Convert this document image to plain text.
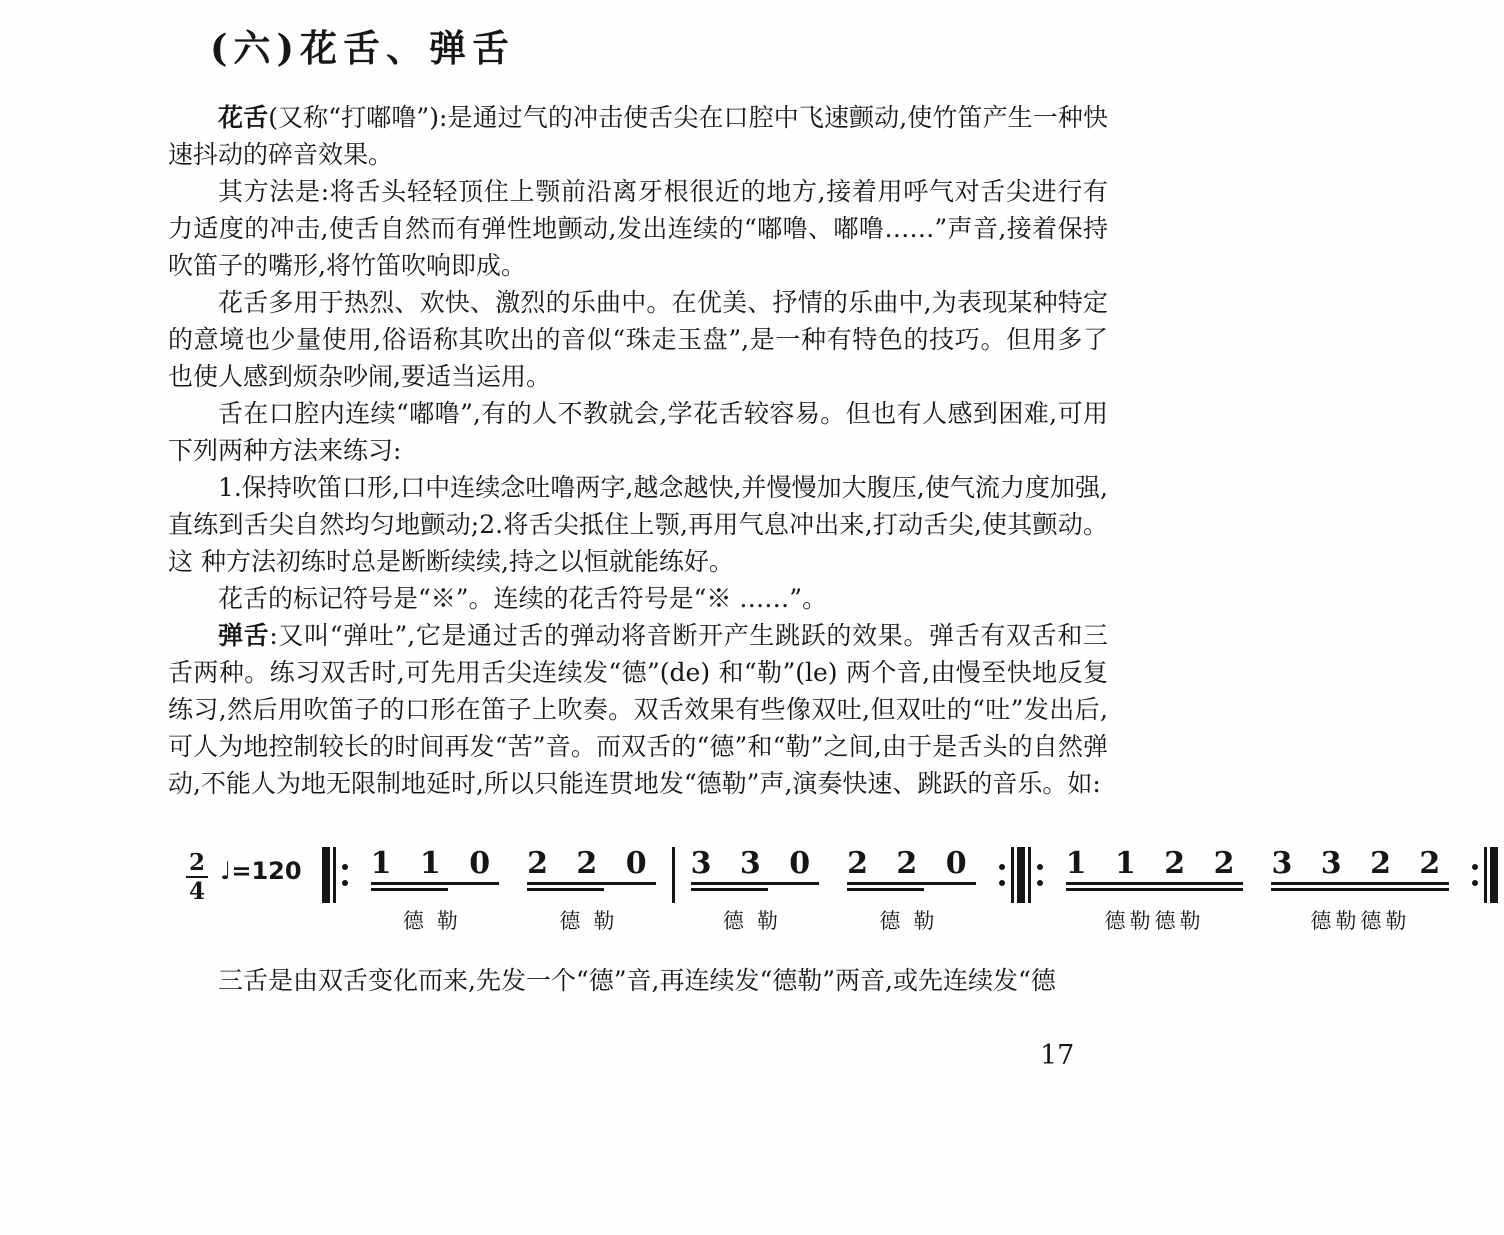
(六)花舌、弹舌

花舌(又称“打嘟噜”):是通过气的冲击使舌尖在口腔中飞速颤动,使竹笛产生一种快速抖动的碎音效果。

其方法是:将舌头轻轻顶住上颚前沿离牙根很近的地方,接着用呼气对舌尖进行有力适度的冲击,使舌自然而有弹性地颤动,发出连续的“嘟噜、嘟噜……”声音,接着保持吹笛子的嘴形,将竹笛吹响即成。

花舌多用于热烈、欢快、激烈的乐曲中。在优美、抒情的乐曲中,为表现某种特定的意境也少量使用,俗语称其吹出的音似“珠走玉盘”,是一种有特色的技巧。但用多了也使人感到烦杂吵闹,要适当运用。

舌在口腔内连续“嘟噜”,有的人不教就会,学花舌较容易。但也有人感到困难,可用下列两种方法来练习:

1.保持吹笛口形,口中连续念吐噜两字,越念越快,并慢慢加大腹压,使气流力度加强,直练到舌尖自然均匀地颤动;2.将舌尖抵住上颚,再用气息冲出来,打动舌尖,使其颤动。这 种方法初练时总是断断续续,持之以恒就能练好。

花舌的标记符号是“※”。连续的花舌符号是“※ ……”。

弹舌:又叫“弹吐”,它是通过舌的弹动将音断开产生跳跃的效果。弹舌有双舌和三舌两种。练习双舌时,可先用舌尖连续发“德”(de) 和“勒”(le) 两个音,由慢至快地反复练习,然后用吹笛子的口形在笛子上吹奏。双舌效果有些像双吐,但双吐的“吐”发出后,可人为地控制较长的时间再发“苦”音。而双舌的“德”和“勒”之间,由于是舌头的自然弹动,不能人为地无限制地延时,所以只能连贯地发“德勒”声,演奏快速、跳跃的音乐。如:

$\frac{2}{4}$ ♩=120 1 1 0
德勒
2 2 0
德勒
3 3 0
德勒
2 2 0
德勒
1 1 2 2
德勒德勒
3 3 2 2
德勒德勒

三舌是由双舌变化而来,先发一个“德”音,再连续发“德勒”两音,或先连续发“德

17
